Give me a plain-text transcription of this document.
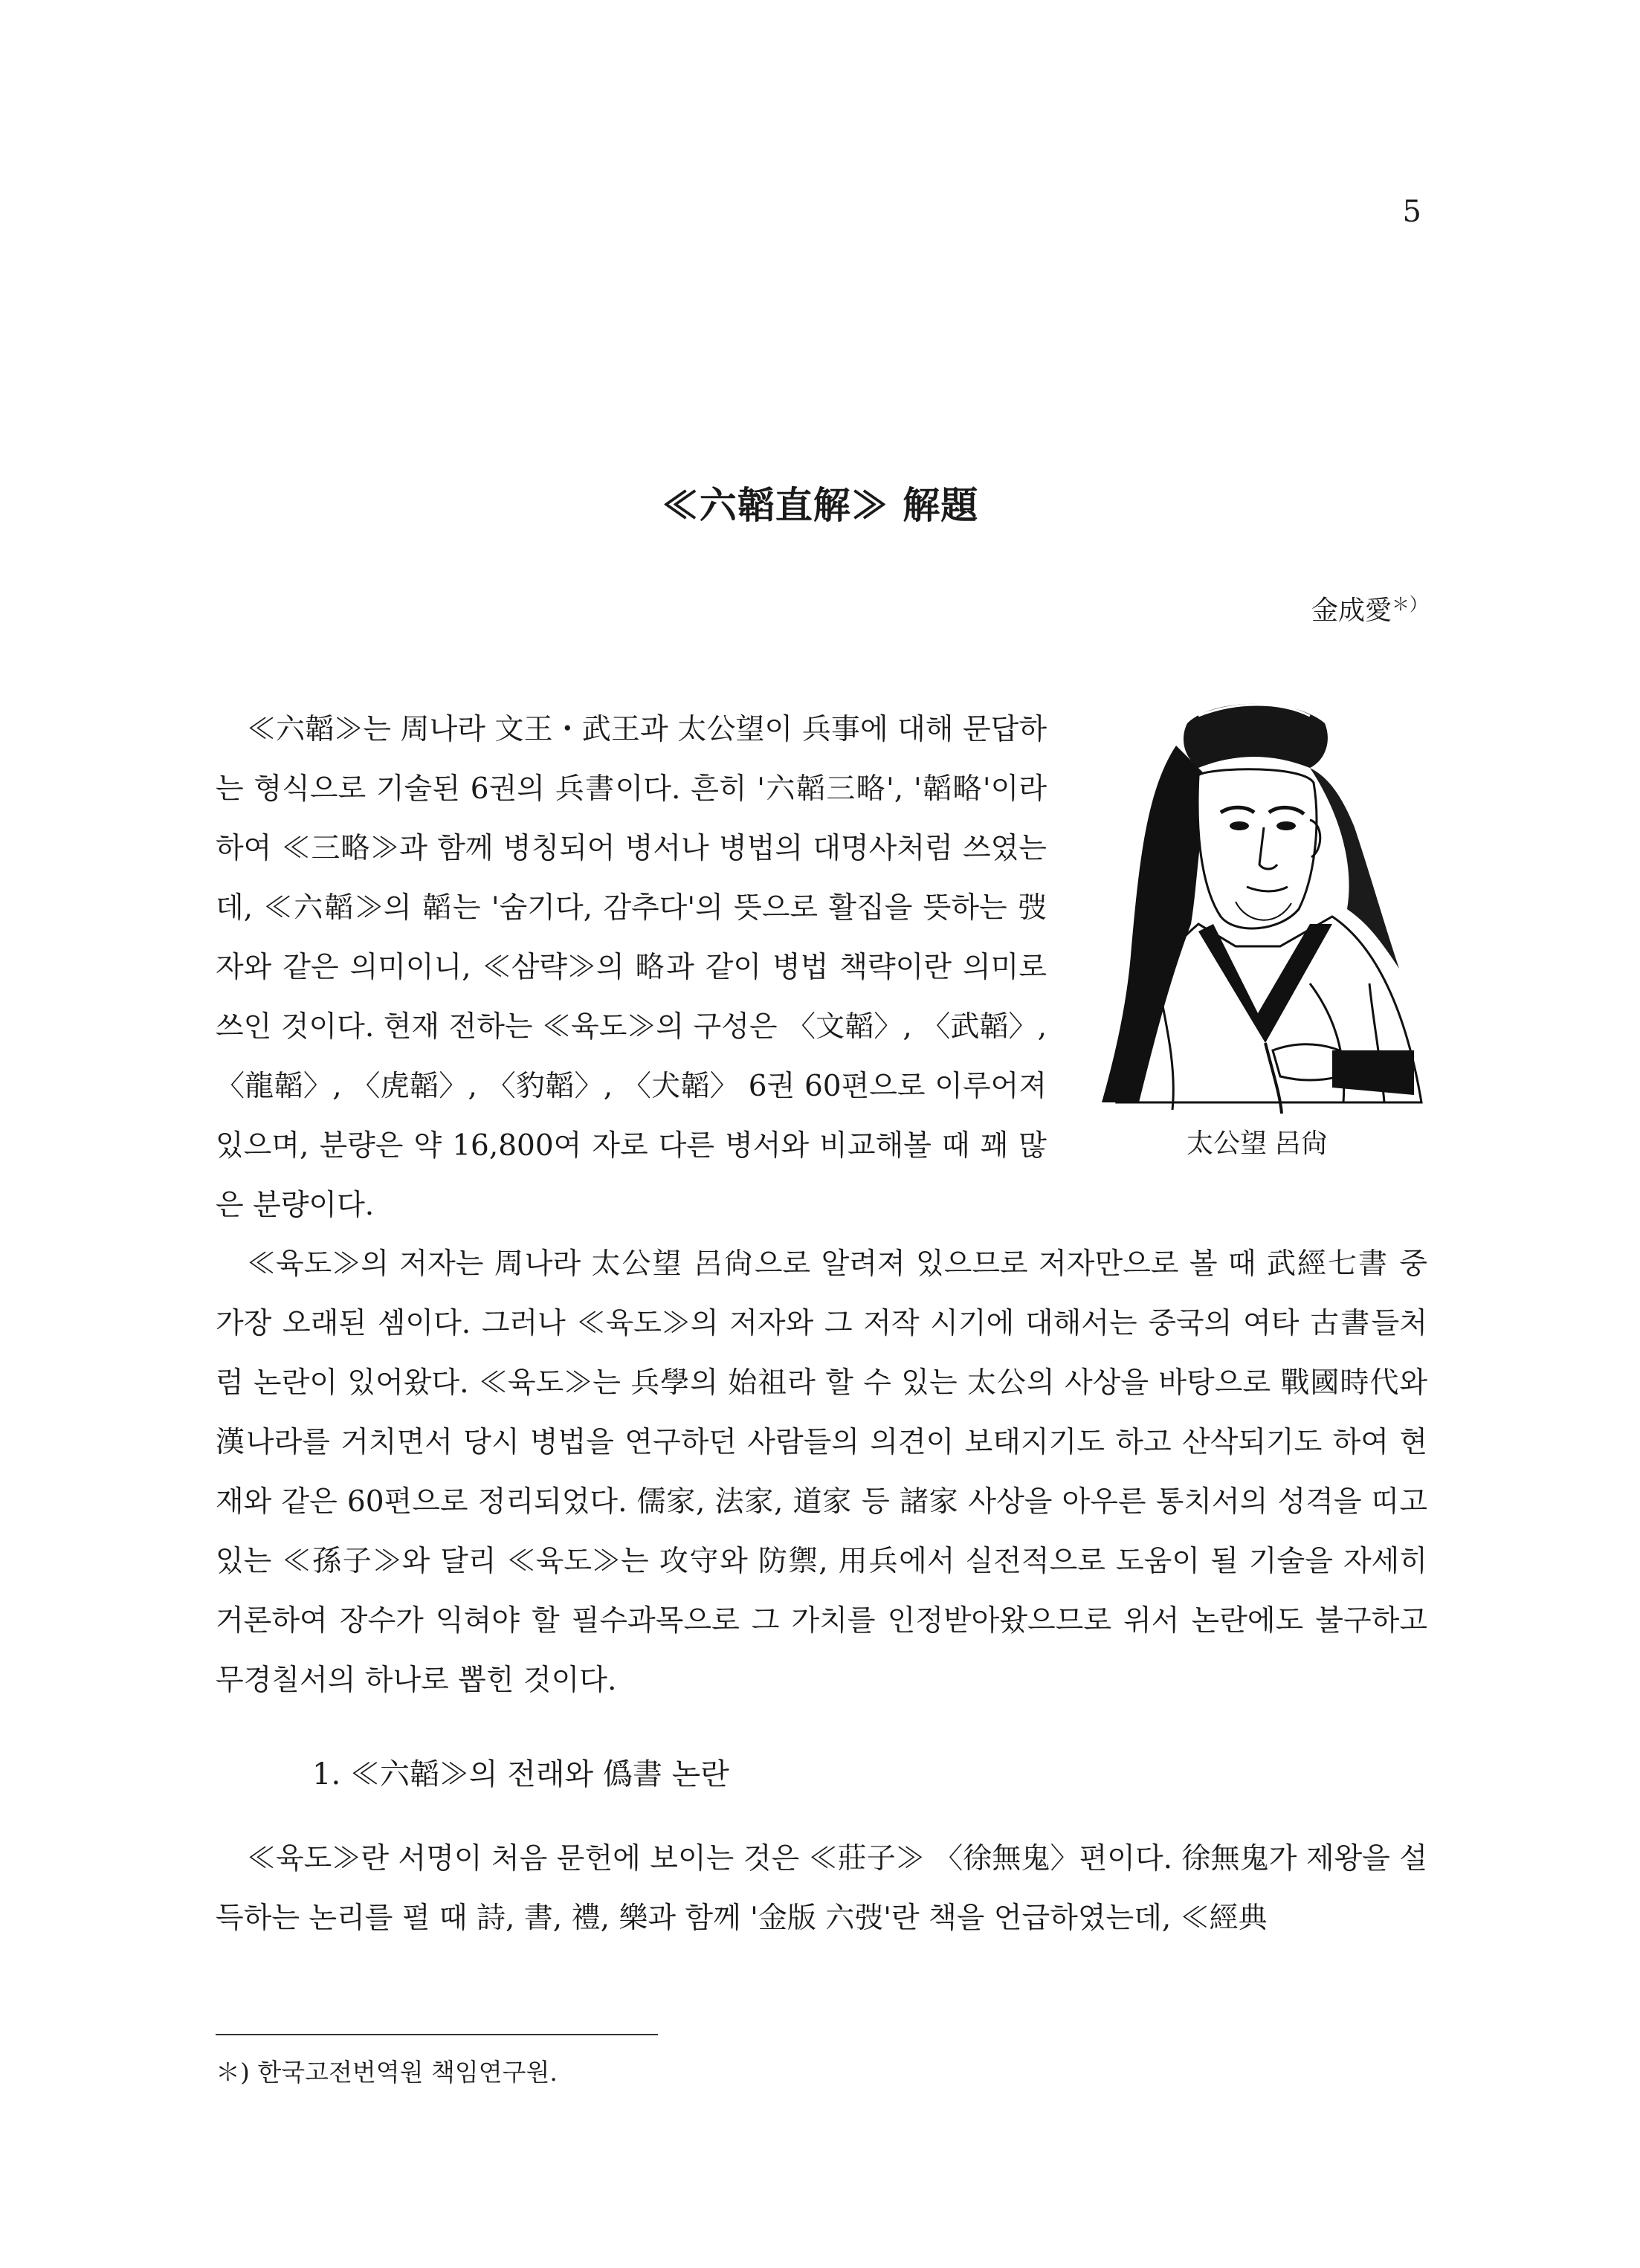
5
≪六韜直解≫ 解題
金成愛＊）
太公望 呂尙

≪六韜≫는 周나라 文王・武王과 太公望이 兵事에 대해 문답하는 형식으로 기술된 6권의 兵書이다. 흔히 '六韜三略', '韜略'이라 하여 ≪三略≫과 함께 병칭되어 병서나 병법의 대명사처럼 쓰였는데, ≪六韜≫의 韜는 '숨기다, 감추다'의 뜻으로 활집을 뜻하는 弢자와 같은 의미이니, ≪삼략≫의 略과 같이 병법 책략이란 의미로 쓰인 것이다. 현재 전하는 ≪육도≫의 구성은 〈文韜〉, 〈武韜〉, 〈龍韜〉, 〈虎韜〉, 〈豹韜〉, 〈犬韜〉 6권 60편으로 이루어져 있으며, 분량은 약 16,800여 자로 다른 병서와 비교해볼 때 꽤 많은 분량이다.

≪육도≫의 저자는 周나라 太公望 呂尙으로 알려져 있으므로 저자만으로 볼 때 武經七書 중 가장 오래된 셈이다. 그러나 ≪육도≫의 저자와 그 저작 시기에 대해서는 중국의 여타 古書들처럼 논란이 있어왔다. ≪육도≫는 兵學의 始祖라 할 수 있는 太公의 사상을 바탕으로 戰國時代와 漢나라를 거치면서 당시 병법을 연구하던 사람들의 의견이 보태지기도 하고 산삭되기도 하여 현재와 같은 60편으로 정리되었다. 儒家, 法家, 道家 등 諸家 사상을 아우른 통치서의 성격을 띠고 있는 ≪孫子≫와 달리 ≪육도≫는 攻守와 防禦, 用兵에서 실전적으로 도움이 될 기술을 자세히 거론하여 장수가 익혀야 할 필수과목으로 그 가치를 인정받아왔으므로 위서 논란에도 불구하고 무경칠서의 하나로 뽑힌 것이다.

1. ≪六韜≫의 전래와 僞書 논란

≪육도≫란 서명이 처음 문헌에 보이는 것은 ≪莊子≫ 〈徐無鬼〉편이다. 徐無鬼가 제왕을 설득하는 논리를 펼 때 詩, 書, 禮, 樂과 함께 '金版 六弢'란 책을 언급하였는데, ≪經典

＊) 한국고전번역원 책임연구원.
